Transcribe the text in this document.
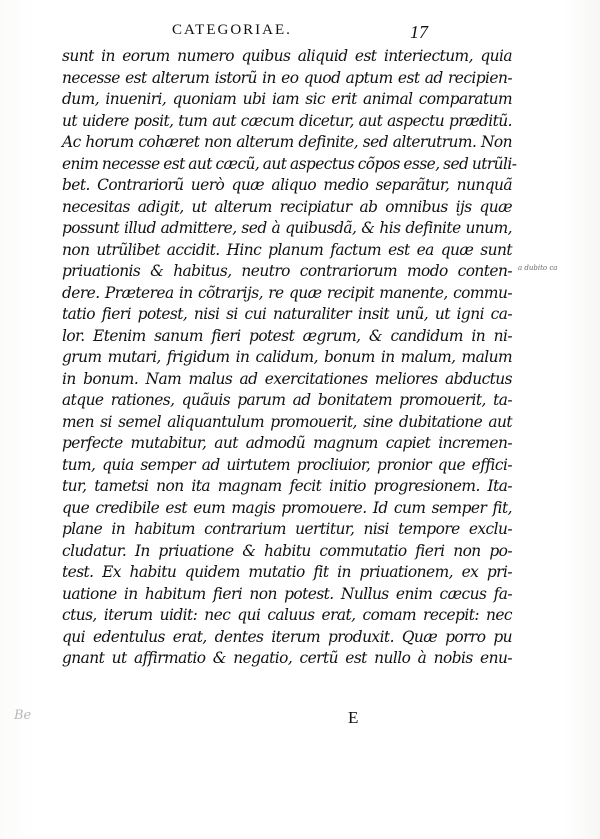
CATEGORIAE.	17
sunt in eorum numero quibus aliquid est interiectum, quia
necesse est alterum istorũ in eo quod aptum est ad recipien-
dum, inueniri, quoniam ubi iam sic erit animal comparatum
ut uidere posit, tum aut cæcum dicetur, aut aspectu præditũ.
Ac horum cohæret non alterum definite, sed alterutrum. Non
enim necesse est aut cæcũ, aut aspectus cõpos esse, sed utrũli-
bet. Contrariorũ uerò quæ aliquo medio separãtur, nunquã
necesitas adigit, ut alterum recipiatur ab omnibus ijs quæ
possunt illud admittere, sed à quibusdã, & his definite unum,
non utrũlibet accidit. Hinc planum factum est ea quæ sunt
priuationis & habitus, neutro contrariorum modo conten-
dere. Præterea in cõtrarijs, re quæ recipit manente, commu-
tatio fieri potest, nisi si cui naturaliter insit unũ, ut igni ca-
lor. Etenim sanum fieri potest ægrum, & candidum in ni-
grum mutari, frigidum in calidum, bonum in malum, malum
in bonum. Nam malus ad exercitationes meliores abductus
atque rationes, quãuis parum ad bonitatem promouerit, ta-
men si semel aliquantulum promouerit, sine dubitatione aut
perfecte mutabitur, aut admodũ magnum capiet incremen-
tum, quia semper ad uirtutem procliuior, pronior que effici-
tur, tametsi non ita magnam fecit initio progresionem. Ita-
que credibile est eum magis promouere. Id cum semper fit,
plane in habitum contrarium uertitur, nisi tempore exclu-
cludatur. In priuatione & habitu commutatio fieri non po-
test. Ex habitu quidem mutatio fit in priuationem, ex pri-
uatione in habitum fieri non potest. Nullus enim cæcus fa-
ctus, iterum uidit: nec qui caluus erat, comam recepit: nec
qui edentulus erat, dentes iterum produxit. Quæ porro pu
gnant ut affirmatio & negatio, certũ est nullo à nobis enu-
a dubito ca
E
Be
